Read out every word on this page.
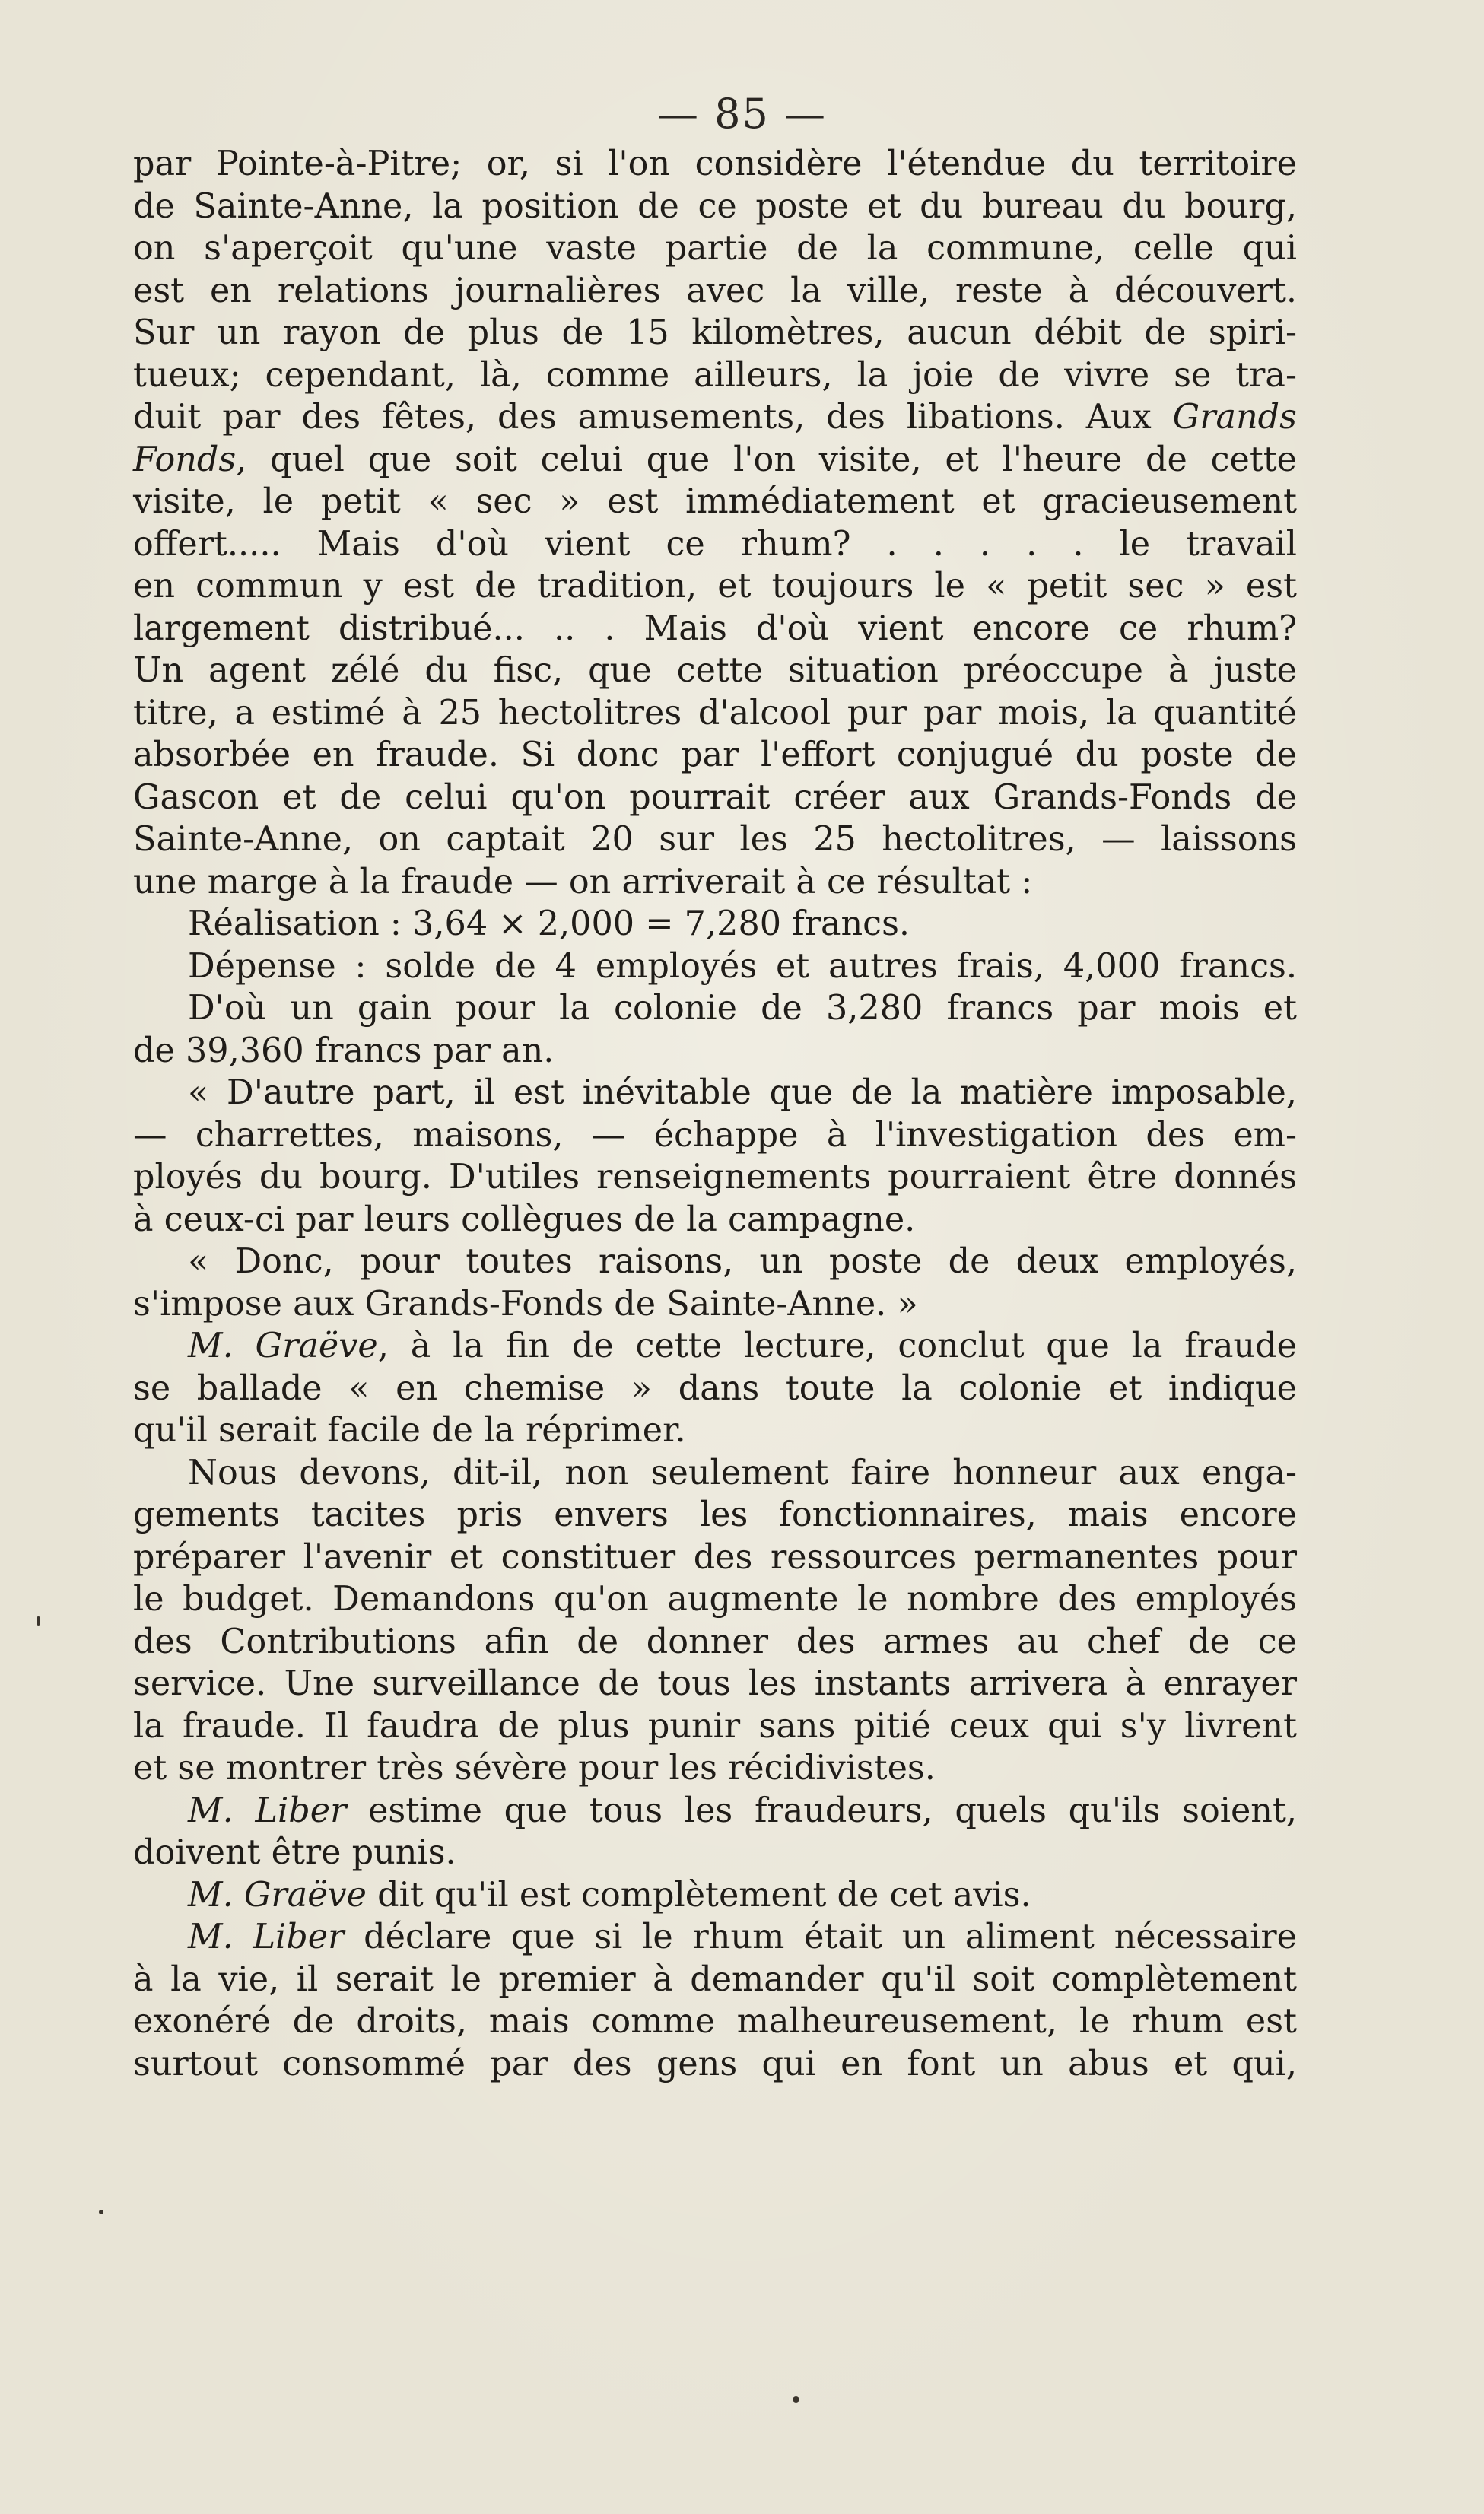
— 85 —
par Pointe-à-Pitre; or, si l'on considère l'étendue du territoire
de Sainte-Anne, la position de ce poste et du bureau du bourg,
on s'aperçoit qu'une vaste partie de la commune, celle qui
est en relations journalières avec la ville, reste à découvert.
Sur un rayon de plus de 15 kilomètres, aucun débit de spiri-
tueux; cependant, là, comme ailleurs, la joie de vivre se tra-
duit par des fêtes, des amusements, des libations. Aux Grands
Fonds, quel que soit celui que l'on visite, et l'heure de cette
visite, le petit « sec » est immédiatement et gracieusement
offert..... Mais d'où vient ce rhum? . . . . . le travail
en commun y est de tradition, et toujours le « petit sec » est
largement distribué... .. . Mais d'où vient encore ce rhum?
Un agent zélé du fisc, que cette situation préoccupe à juste
titre, a estimé à 25 hectolitres d'alcool pur par mois, la quantité
absorbée en fraude. Si donc par l'effort conjugué du poste de
Gascon et de celui qu'on pourrait créer aux Grands-Fonds de
Sainte-Anne, on captait 20 sur les 25 hectolitres, — laissons
une marge à la fraude — on arriverait à ce résultat :
Réalisation : 3,64 × 2,000 = 7,280 francs.
Dépense : solde de 4 employés et autres frais, 4,000 francs.
D'où un gain pour la colonie de 3,280 francs par mois et
de 39,360 francs par an.
« D'autre part, il est inévitable que de la matière imposable,
— charrettes, maisons, — échappe à l'investigation des em-
ployés du bourg. D'utiles renseignements pourraient être donnés
à ceux-ci par leurs collègues de la campagne.
« Donc, pour toutes raisons, un poste de deux employés,
s'impose aux Grands-Fonds de Sainte-Anne. »
M. Graëve, à la fin de cette lecture, conclut que la fraude
se ballade « en chemise » dans toute la colonie et indique
qu'il serait facile de la réprimer.
Nous devons, dit-il, non seulement faire honneur aux enga-
gements tacites pris envers les fonctionnaires, mais encore
préparer l'avenir et constituer des ressources permanentes pour
le budget. Demandons qu'on augmente le nombre des employés
des Contributions afin de donner des armes au chef de ce
service. Une surveillance de tous les instants arrivera à enrayer
la fraude. Il faudra de plus punir sans pitié ceux qui s'y livrent
et se montrer très sévère pour les récidivistes.
M. Liber estime que tous les fraudeurs, quels qu'ils soient,
doivent être punis.
M. Graëve dit qu'il est complètement de cet avis.
M. Liber déclare que si le rhum était un aliment nécessaire
à la vie, il serait le premier à demander qu'il soit complètement
exonéré de droits, mais comme malheureusement, le rhum est
surtout consommé par des gens qui en font un abus et qui,
